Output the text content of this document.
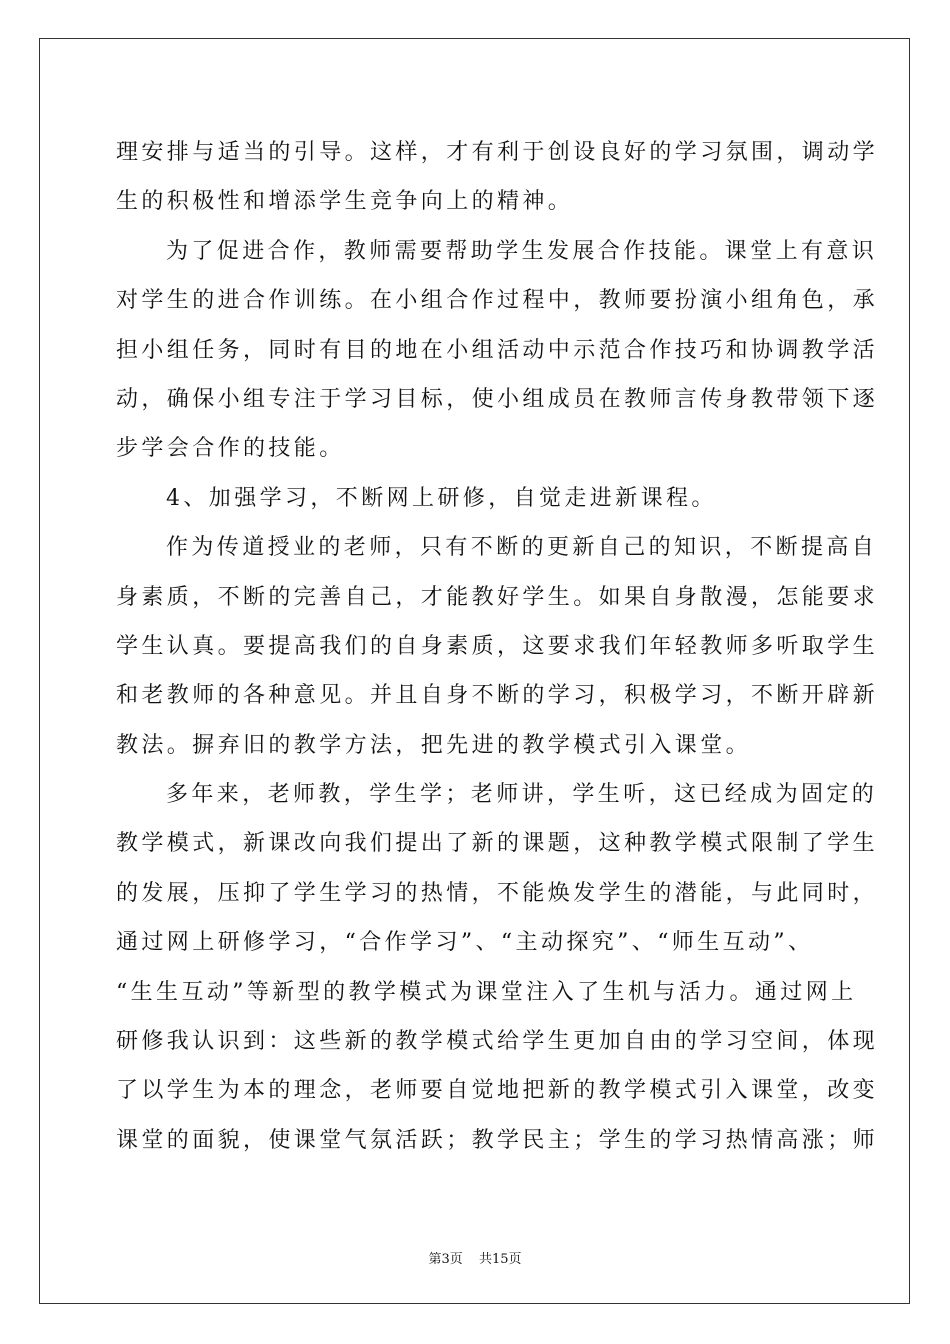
理安排与适当的引导。这样，才有利于创设良好的学习氛围，调动学
生的积极性和增添学生竞争向上的精神。
为了促进合作，教师需要帮助学生发展合作技能。课堂上有意识
对学生的进合作训练。在小组合作过程中，教师要扮演小组角色，承
担小组任务，同时有目的地在小组活动中示范合作技巧和协调教学活
动，确保小组专注于学习目标，使小组成员在教师言传身教带领下逐
步学会合作的技能。
4、加强学习，不断网上研修，自觉走进新课程。
作为传道授业的老师，只有不断的更新自己的知识，不断提高自
身素质，不断的完善自己，才能教好学生。如果自身散漫，怎能要求
学生认真。要提高我们的自身素质，这要求我们年轻教师多听取学生
和老教师的各种意见。并且自身不断的学习，积极学习，不断开辟新
教法。摒弃旧的教学方法，把先进的教学模式引入课堂。
多年来，老师教，学生学；老师讲，学生听，这已经成为固定的
教学模式，新课改向我们提出了新的课题，这种教学模式限制了学生
的发展，压抑了学生学习的热情，不能焕发学生的潜能，与此同时，
通过网上研修学习，“合作学习”、“主动探究”、“师生互动”、
“生生互动”等新型的教学模式为课堂注入了生机与活力。通过网上
研修我认识到：这些新的教学模式给学生更加自由的学习空间，体现
了以学生为本的理念，老师要自觉地把新的教学模式引入课堂，改变
课堂的面貌，使课堂气氛活跃；教学民主；学生的学习热情高涨；师
第3页 共15页
